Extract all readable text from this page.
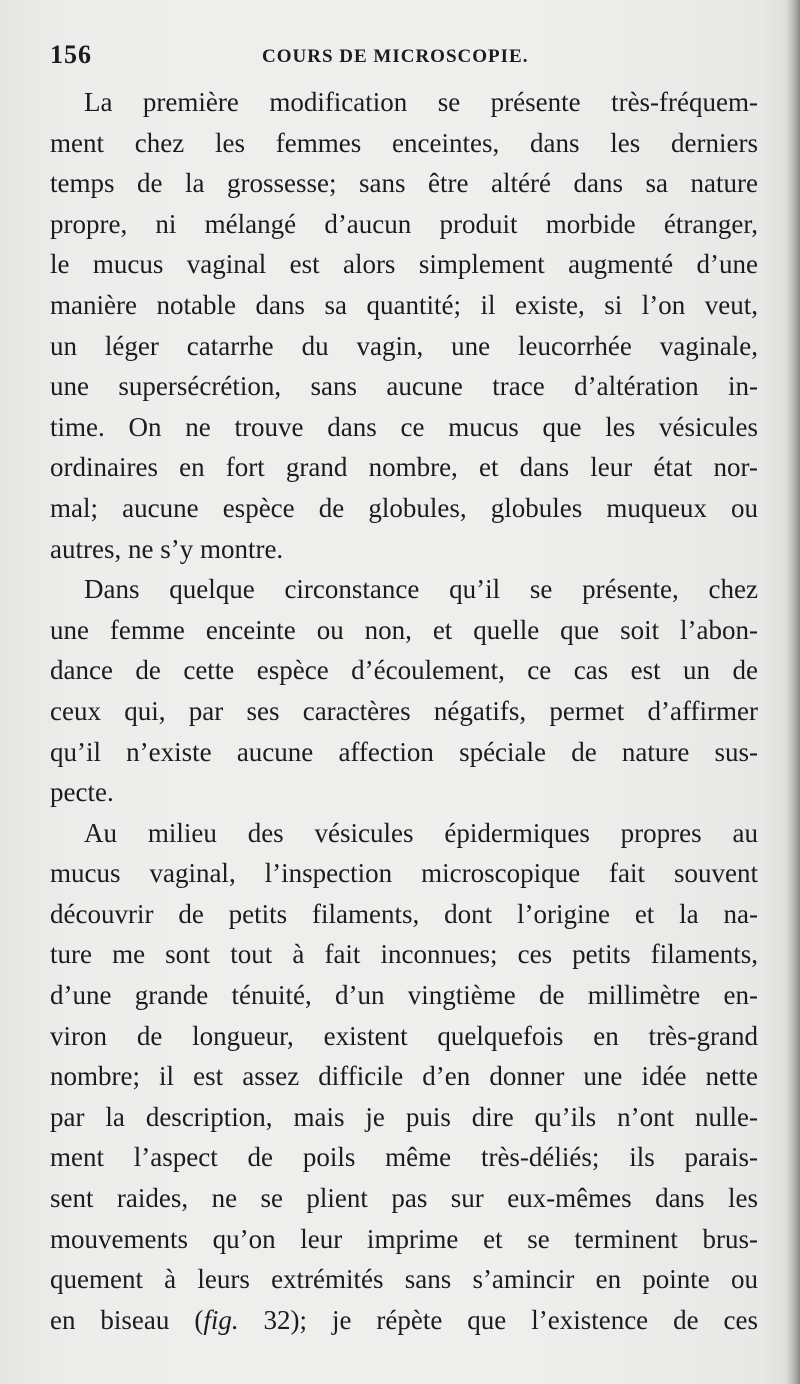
156	COURS DE MICROSCOPIE.
La première modification se présente très-fréquem-
ment chez les femmes enceintes, dans les derniers
temps de la grossesse; sans être altéré dans sa nature
propre, ni mélangé d’aucun produit morbide étranger,
le mucus vaginal est alors simplement augmenté d’une
manière notable dans sa quantité; il existe, si l’on veut,
un léger catarrhe du vagin, une leucorrhée vaginale,
une supersécrétion, sans aucune trace d’altération in-
time. On ne trouve dans ce mucus que les vésicules
ordinaires en fort grand nombre, et dans leur état nor-
mal; aucune espèce de globules, globules muqueux ou
autres, ne s’y montre.
Dans quelque circonstance qu’il se présente, chez
une femme enceinte ou non, et quelle que soit l’abon-
dance de cette espèce d’écoulement, ce cas est un de
ceux qui, par ses caractères négatifs, permet d’affirmer
qu’il n’existe aucune affection spéciale de nature sus-
pecte.
Au milieu des vésicules épidermiques propres au
mucus vaginal, l’inspection microscopique fait souvent
découvrir de petits filaments, dont l’origine et la na-
ture me sont tout à fait inconnues; ces petits filaments,
d’une grande ténuité, d’un vingtième de millimètre en-
viron de longueur, existent quelquefois en très-grand
nombre; il est assez difficile d’en donner une idée nette
par la description, mais je puis dire qu’ils n’ont nulle-
ment l’aspect de poils même très-déliés; ils parais-
sent raides, ne se plient pas sur eux-mêmes dans les
mouvements qu’on leur imprime et se terminent brus-
quement à leurs extrémités sans s’amincir en pointe ou
en biseau (fig. 32); je répète que l’existence de ces
